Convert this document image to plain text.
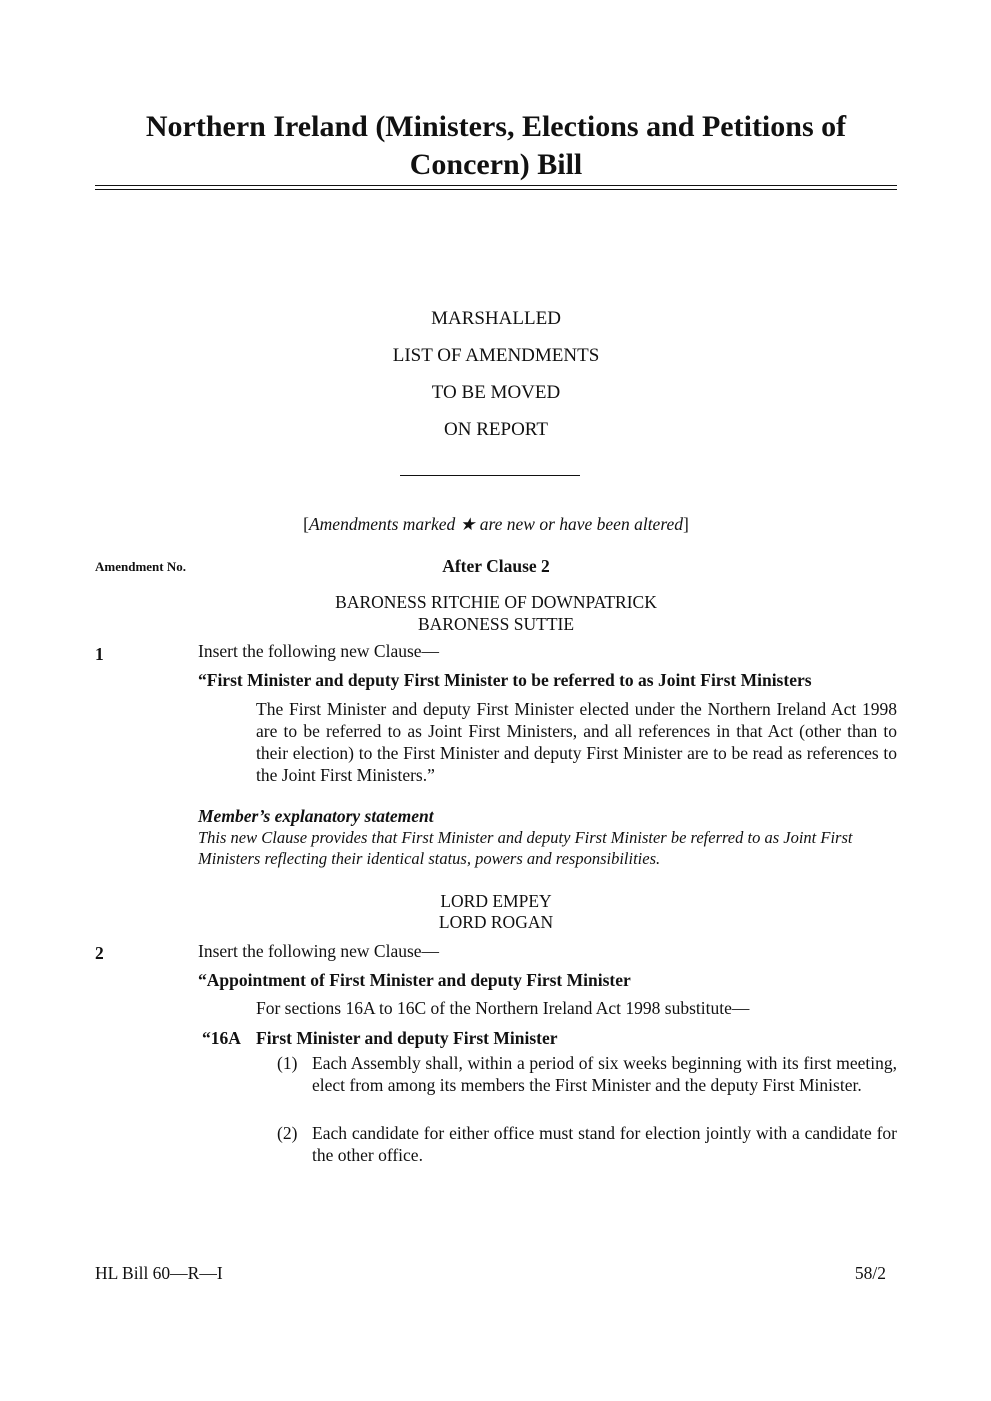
Northern Ireland (Ministers, Elections and Petitions of Concern) Bill
MARSHALLED
LIST OF AMENDMENTS
TO BE MOVED
ON REPORT
[Amendments marked ★ are new or have been altered]
Amendment No.	After Clause 2
BARONESS RITCHIE OF DOWNPATRICK
BARONESS SUTTIE
1	Insert the following new Clause—
“First Minister and deputy First Minister to be referred to as Joint First Ministers
The First Minister and deputy First Minister elected under the Northern Ireland Act 1998 are to be referred to as Joint First Ministers, and all references in that Act (other than to their election) to the First Minister and deputy First Minister are to be read as references to the Joint First Ministers.”
Member’s explanatory statement
This new Clause provides that First Minister and deputy First Minister be referred to as Joint First Ministers reflecting their identical status, powers and responsibilities.
LORD EMPEY
LORD ROGAN
2	Insert the following new Clause—
“Appointment of First Minister and deputy First Minister
For sections 16A to 16C of the Northern Ireland Act 1998 substitute—
“16A First Minister and deputy First Minister
(1) Each Assembly shall, within a period of six weeks beginning with its first meeting, elect from among its members the First Minister and the deputy First Minister.
(2) Each candidate for either office must stand for election jointly with a candidate for the other office.
HL Bill 60—R—I	58/2
